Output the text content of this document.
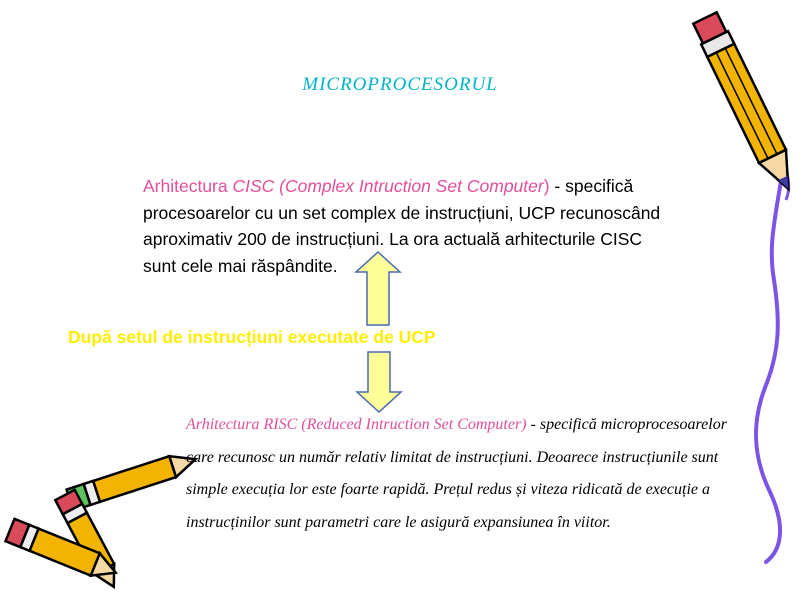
MICROPROCESORUL
Arhitectura CISC (Complex Intruction Set Computer) - specifică procesoarelor cu un set complex de instrucțiuni, UCP recunoscând aproximativ 200 de instrucțiuni. La ora actuală arhitecturile CISC sunt cele mai răspândite.
După setul de instrucțiuni executate de UCP
Arhitectura RISC (Reduced Intruction Set Computer) - specifică microprocesoarelor care recunosc un număr relativ limitat de instrucțiuni. Deoarece instrucțiunile sunt simple execuția lor este foarte rapidă. Prețul redus și viteza ridicată de execuție a instrucținilor sunt parametri care le asigură expansiunea în viitor.
